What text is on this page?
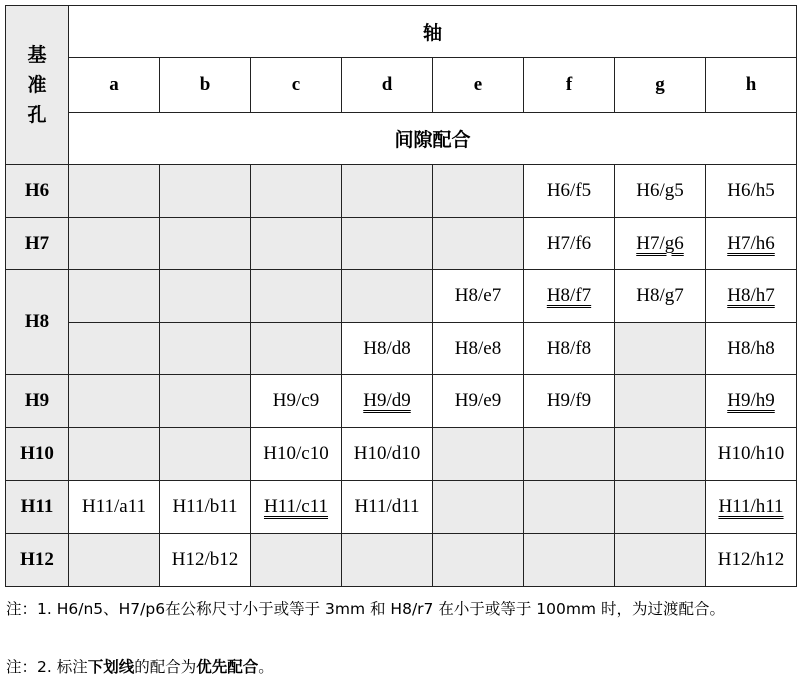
基准孔	轴							
	a	b	c	d	e	f	g	h
	间隙配合							
H6						H6/f5	H6/g5	H6/h5
H7						H7/f6	H7/g6	H7/h6
H8					H8/e7	H8/f7	H8/g7	H8/h7
				H8/d8	H8/e8	H8/f8		H8/h8
H9			H9/c9	H9/d9	H9/e9	H9/f9		H9/h9
H10			H10/c10	H10/d10				H10/h10
H11	H11/a11	H11/b11	H11/c11	H11/d11				H11/h11
H12		H12/b12						H12/h12
注：1. H6/n5、H7/p6在公称尺寸小于或等于 3mm 和 H8/r7 在小于或等于 100mm 时，为过渡配合。
注：2. 标注下划线的配合为优先配合。
